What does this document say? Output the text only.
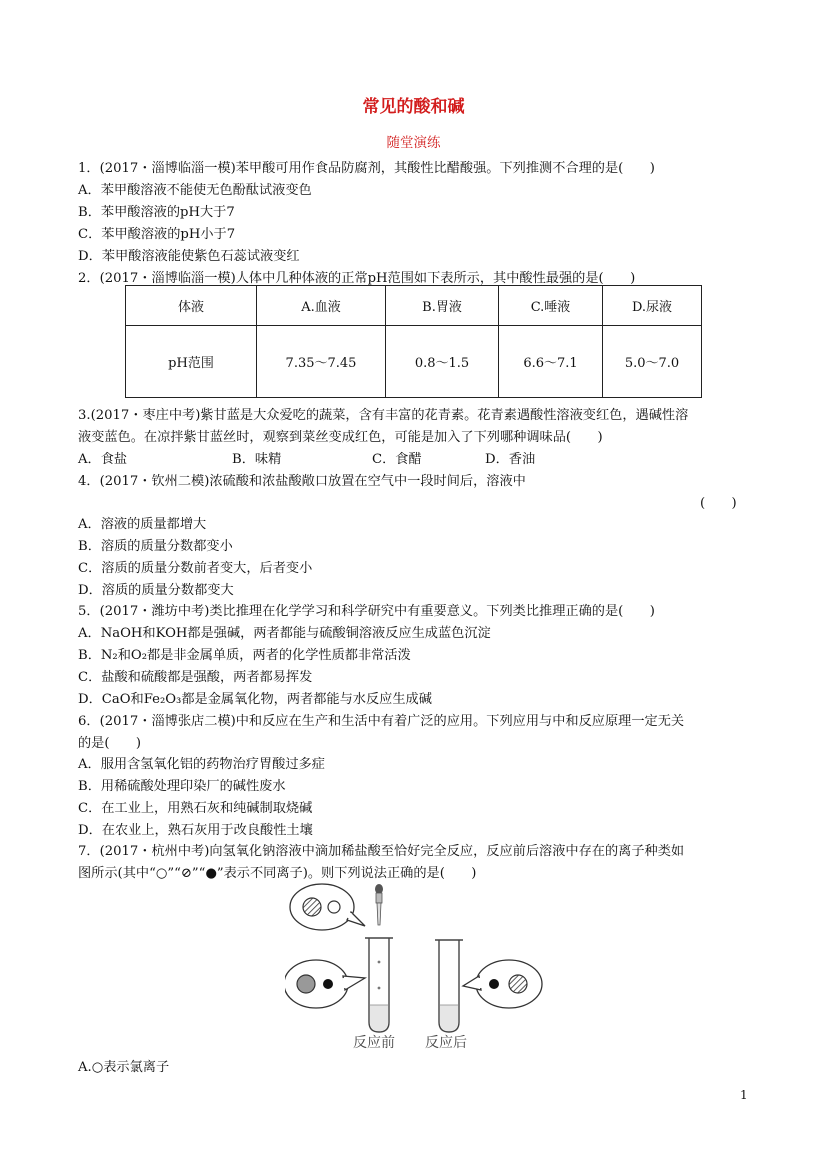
常见的酸和碱
随堂演练
1．(2017・淄博临淄一模)苯甲酸可用作食品防腐剂，其酸性比醋酸强。下列推测不合理的是(　　)
A．苯甲酸溶液不能使无色酚酞试液变色
B．苯甲酸溶液的pH大于7
C．苯甲酸溶液的pH小于7
D．苯甲酸溶液能使紫色石蕊试液变红
2．(2017・淄博临淄一模)人体中几种体液的正常pH范围如下表所示，其中酸性最强的是(　　)
体液	A.血液	B.胃液	C.唾液	D.尿液
pH范围	7.35～7.45	0.8～1.5	6.6～7.1	5.0～7.0
3.(2017・枣庄中考)紫甘蓝是大众爱吃的蔬菜，含有丰富的花青素。花青素遇酸性溶液变红色，遇碱性溶
液变蓝色。在凉拌紫甘蓝丝时，观察到菜丝变成红色，可能是加入了下列哪种调味品(　　)
A．食盐	B．味精	C．食醋	D．香油
4．(2017・钦州二模)浓硫酸和浓盐酸敞口放置在空气中一段时间后，溶液中
(　　)
A．溶液的质量都增大
B．溶质的质量分数都变小
C．溶质的质量分数前者变大，后者变小
D．溶质的质量分数都变大
5．(2017・潍坊中考)类比推理在化学学习和科学研究中有重要意义。下列类比推理正确的是(　　)
A．NaOH和KOH都是强碱，两者都能与硫酸铜溶液反应生成蓝色沉淀
B．N₂和O₂都是非金属单质，两者的化学性质都非常活泼
C．盐酸和硫酸都是强酸，两者都易挥发
D．CaO和Fe₂O₃都是金属氧化物，两者都能与水反应生成碱
6．(2017・淄博张店二模)中和反应在生产和生活中有着广泛的应用。下列应用与中和反应原理一定无关
的是(　　)
A．服用含氢氧化铝的药物治疗胃酸过多症
B．用稀硫酸处理印染厂的碱性废水
C．在工业上，用熟石灰和纯碱制取烧碱
D．在农业上，熟石灰用于改良酸性土壤
7．(2017・杭州中考)向氢氧化钠溶液中滴加稀盐酸至恰好完全反应，反应前后溶液中存在的离子种类如
图所示(其中“○”“⊘”“●”表示不同离子)。则下列说法正确的是(　　)
反应前 反应后
A.○表示氯离子
1
